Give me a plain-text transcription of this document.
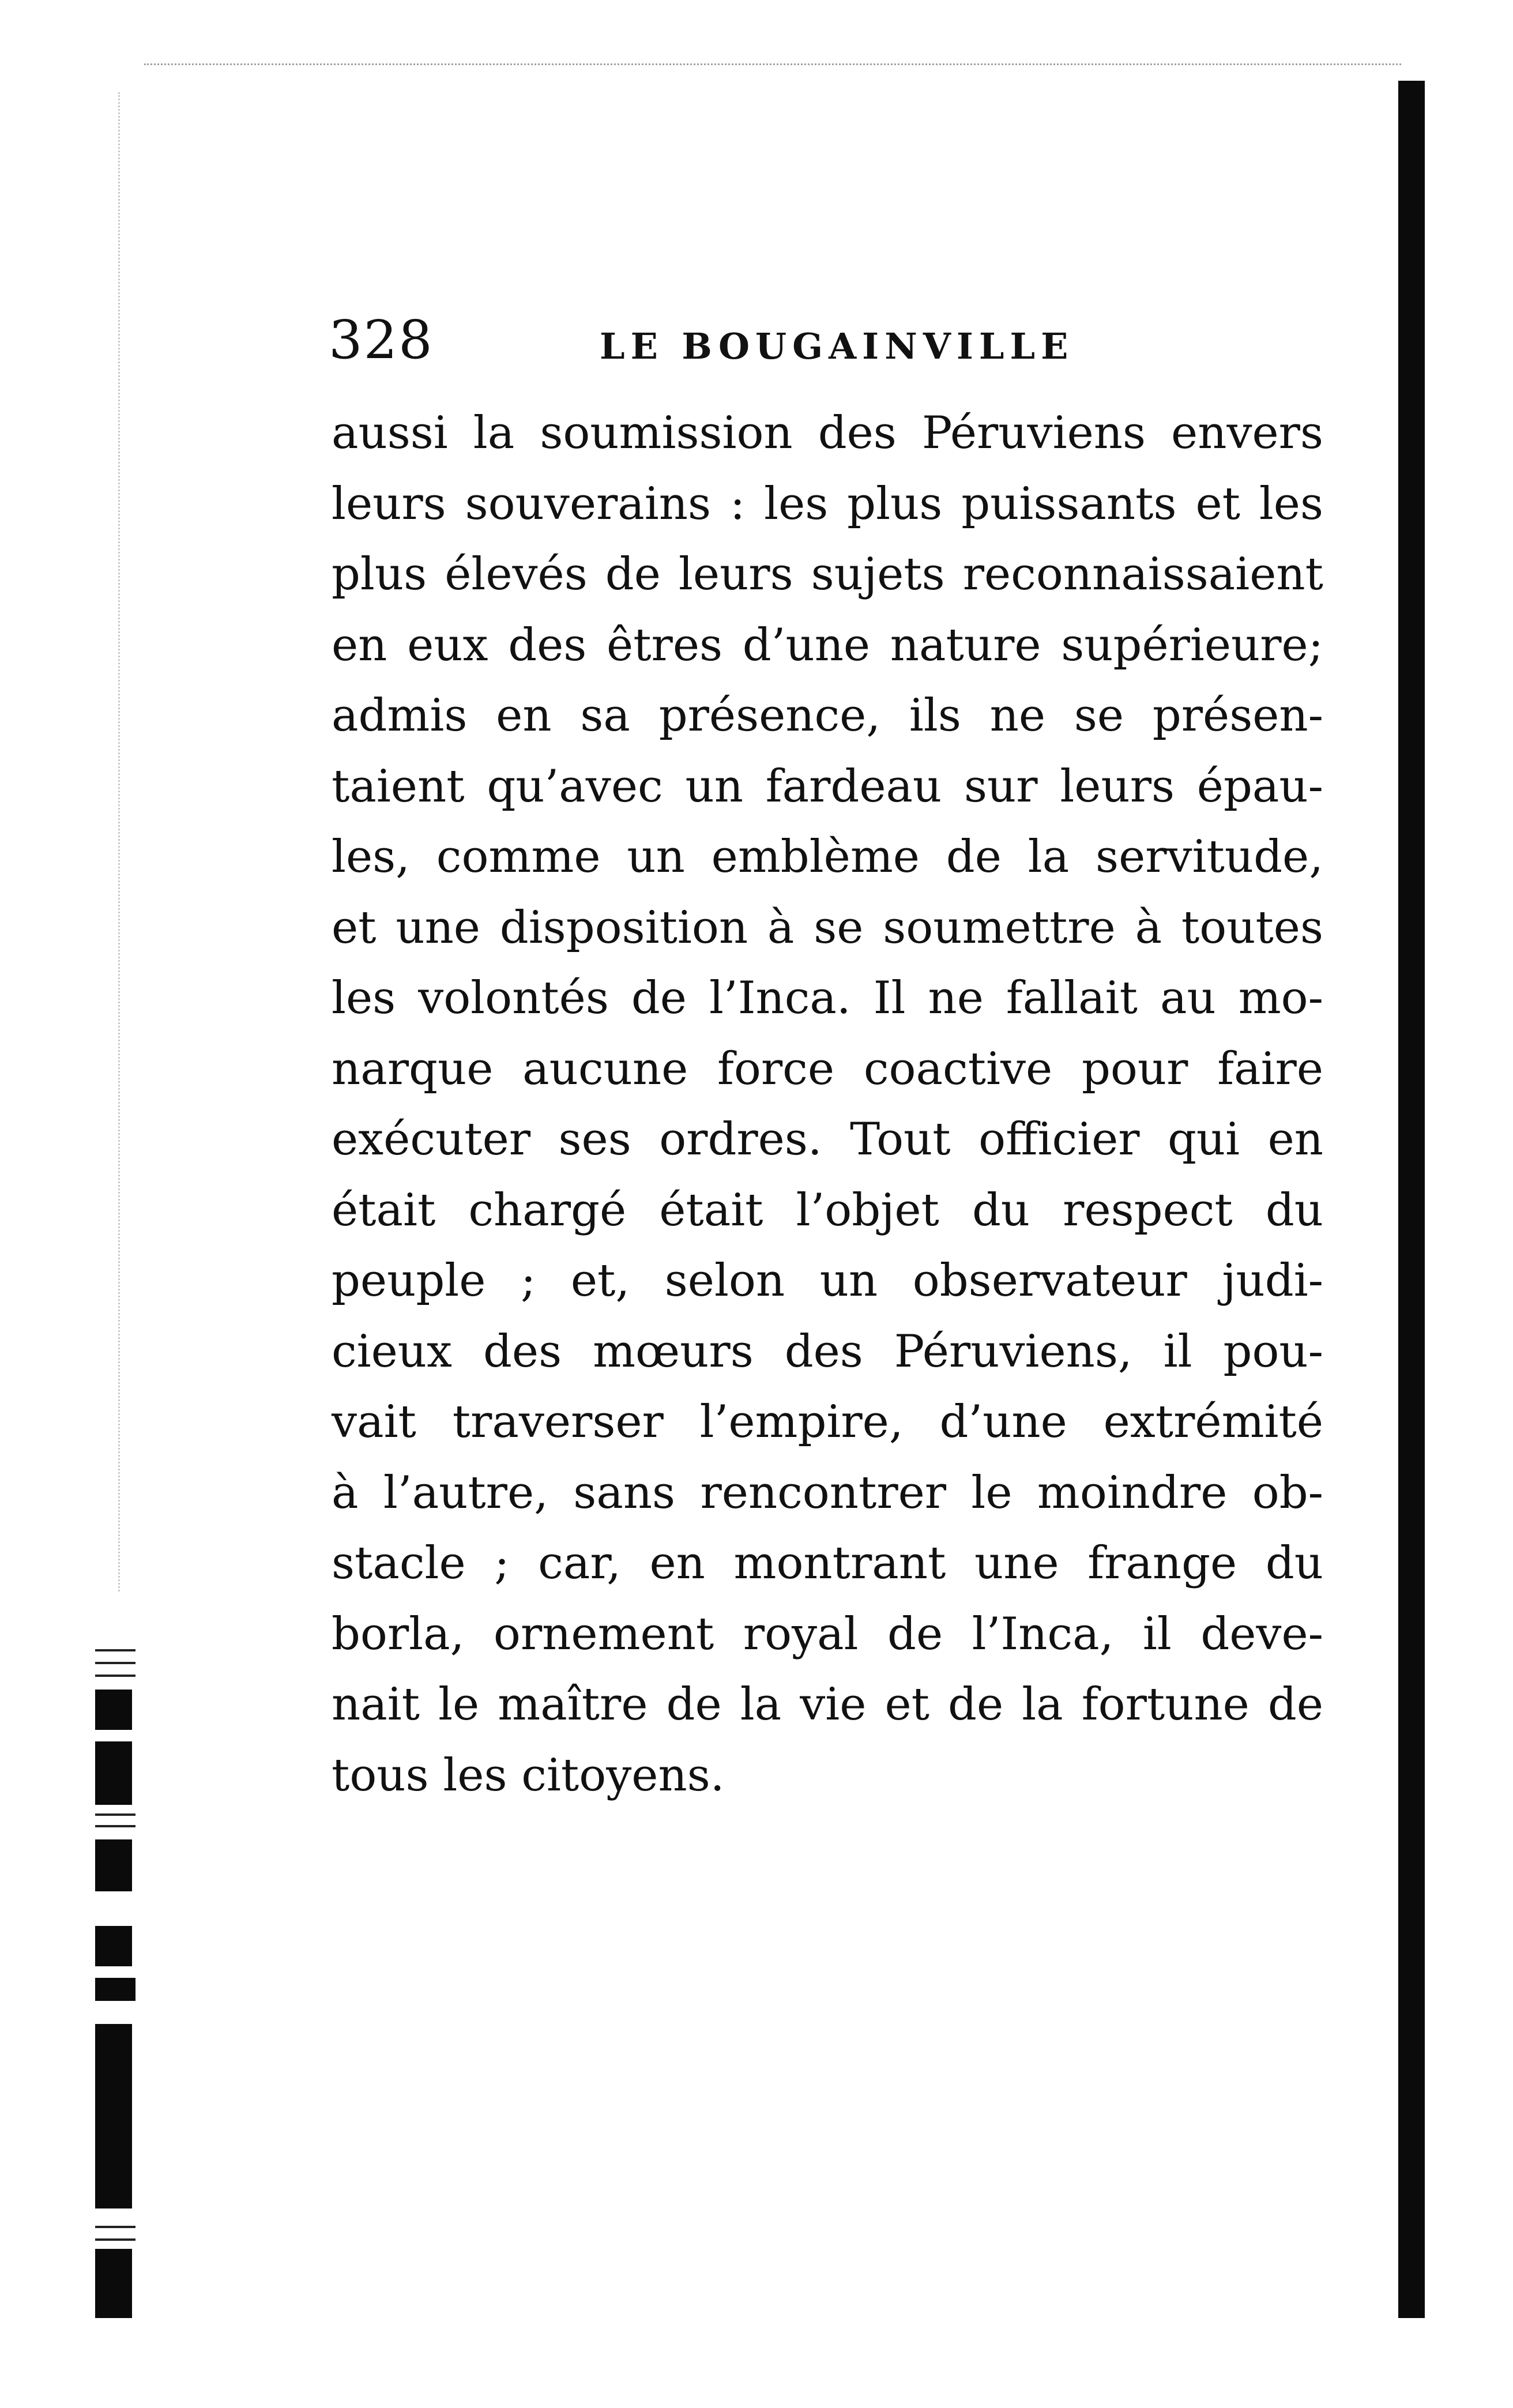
328	LE BOUGAINVILLE
aussi la soumission des Péruviens envers
leurs souverains : les plus puissants et les
plus élevés de leurs sujets reconnaissaient
en eux des êtres d’une nature supérieure;
admis en sa présence, ils ne se présen-
taient qu’avec un fardeau sur leurs épau-
les, comme un emblème de la servitude,
et une disposition à se soumettre à toutes
les volontés de l’Inca. Il ne fallait au mo-
narque aucune force coactive pour faire
exécuter ses ordres. Tout officier qui en
était chargé était l’objet du respect du
peuple ; et, selon un observateur judi-
cieux des mœurs des Péruviens, il pou-
vait traverser l’empire, d’une extrémité
à l’autre, sans rencontrer le moindre ob-
stacle ; car, en montrant une frange du
borla, ornement royal de l’Inca, il deve-
nait le maître de la vie et de la fortune de
tous les citoyens.
